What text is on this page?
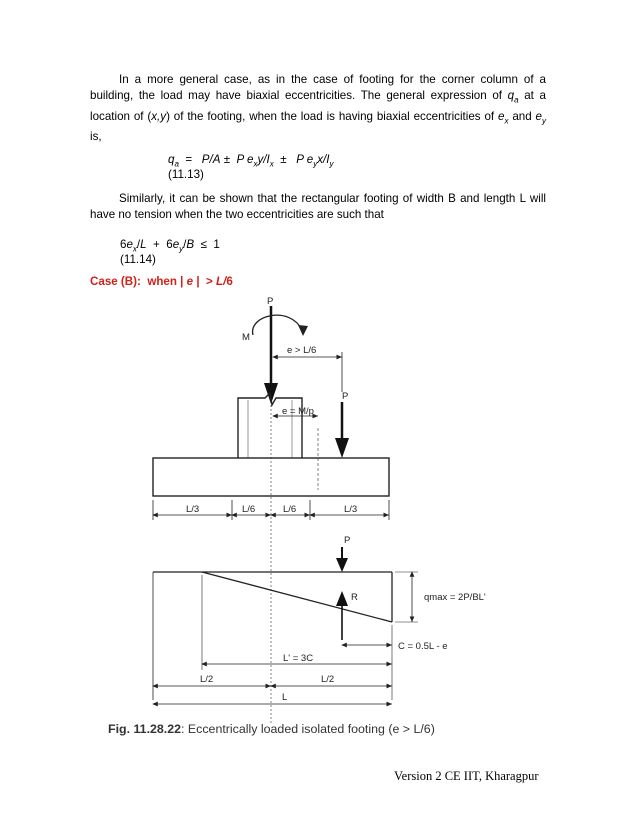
In a more general case, as in the case of footing for the corner column of a building, the load may have biaxial eccentricities. The general expression of $q_a$ at a location of (x,y) of the footing, when the load is having biaxial eccentricities of $e_x$ and $e_y$ is,
$q_a = P/A \pm P$ $e_xy/I_x \pm P$ $e_yx/I_y$
(11.13)
Similarly, it can be shown that the rectangular footing of width B and length L will have no tension when the two eccentricities are such that
$6e_x/L + 6e_y/B \le 1$
(11.14)
Case (B):  when | e |  > L/6
P
M
e > L/6
P
e = M/p
L/3	L/6	L/6	L/3
P
R	qmax = 2P/BL'
C = 0.5L - e
L' = 3C
L/2	L/2
L
Fig. 11.28.22: Eccentrically loaded isolated footing (e > L/6)
Version 2 CE IIT, Kharagpur
